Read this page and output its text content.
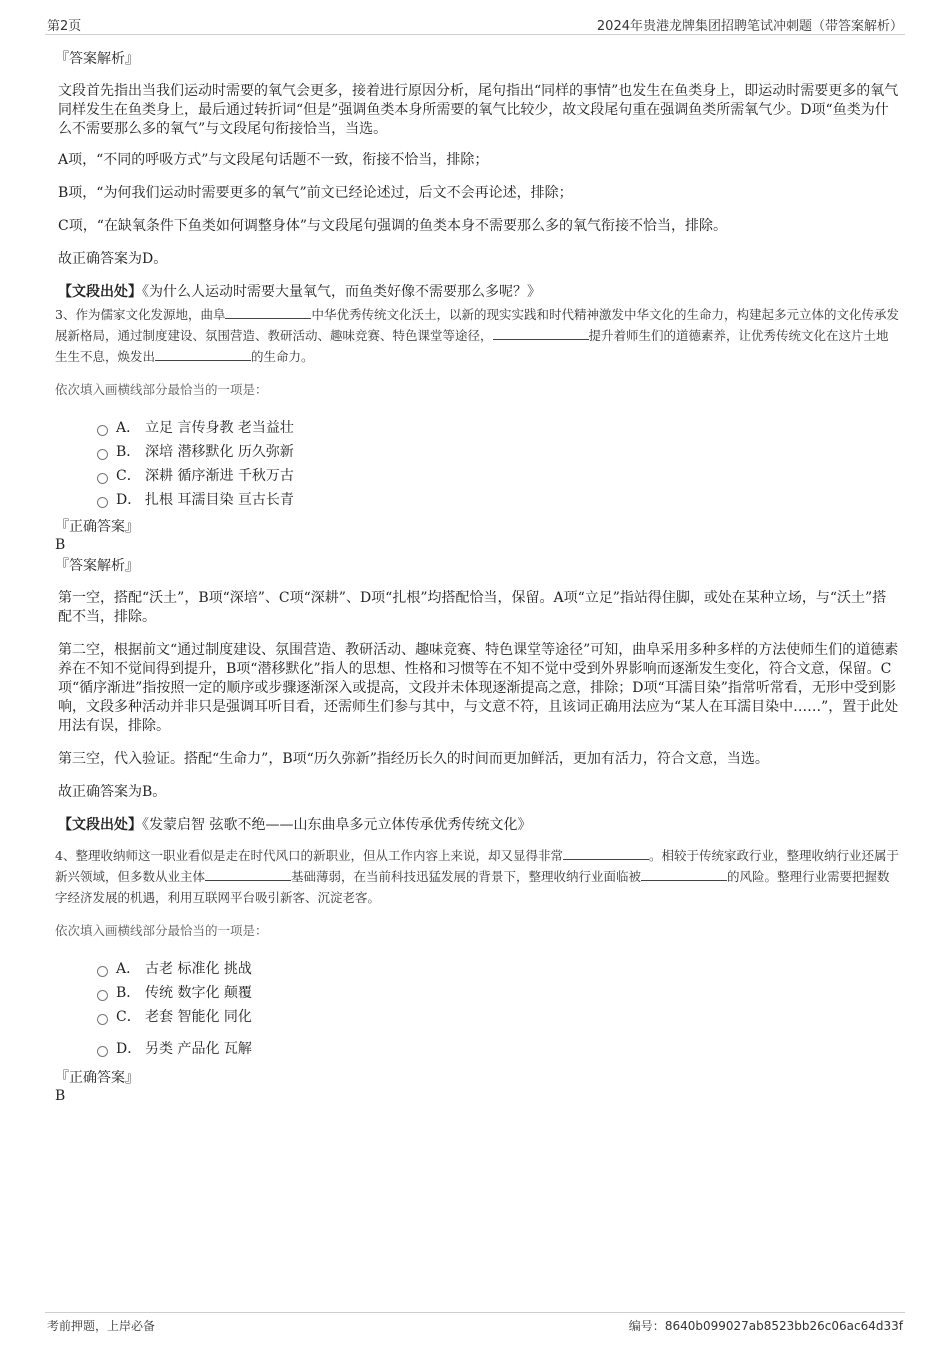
第2页	2024年贵港龙牌集团招聘笔试冲刺题（带答案解析）

『答案解析』

文段首先指出当我们运动时需要的氧气会更多，接着进行原因分析，尾句指出“同样的事情”也发生在鱼类身上，即运动时需要更多的氧气同样发生在鱼类身上，最后通过转折词“但是”强调鱼类本身所需要的氧气比较少，故文段尾句重在强调鱼类所需氧气少。D项“鱼类为什么不需要那么多的氧气”与文段尾句衔接恰当，当选。

A项，“不同的呼吸方式”与文段尾句话题不一致，衔接不恰当，排除；

B项，“为何我们运动时需要更多的氧气”前文已经论述过，后文不会再论述，排除；

C项，“在缺氧条件下鱼类如何调整身体”与文段尾句强调的鱼类本身不需要那么多的氧气衔接不恰当，排除。

故正确答案为D。

【文段出处】《为什么人运动时需要大量氧气，而鱼类好像不需要那么多呢？》

3、作为儒家文化发源地，曲阜	中华优秀传统文化沃土，以新的现实实践和时代精神激发中华文化的生命力，构建起多元立体的文化传承发展新格局，通过制度建设、氛围营造、教研活动、趣味竞赛、特色课堂等途径，	提升着师生们的道德素养，让优秀传统文化在这片土地生生不息，焕发出	的生命力。

依次填入画横线部分最恰当的一项是：

A． 立足 言传身教 老当益壮
B． 深培 潜移默化 历久弥新
C． 深耕 循序渐进 千秋万古
D． 扎根 耳濡目染 亘古长青

『正确答案』

B

『答案解析』

第一空，搭配“沃土”，B项“深培”、C项“深耕”、D项“扎根”均搭配恰当，保留。A项“立足”指站得住脚，或处在某种立场，与“沃土”搭配不当，排除。

第二空，根据前文“通过制度建设、氛围营造、教研活动、趣味竞赛、特色课堂等途径”可知，曲阜采用多种多样的方法使师生们的道德素养在不知不觉间得到提升，B项“潜移默化”指人的思想、性格和习惯等在不知不觉中受到外界影响而逐渐发生变化，符合文意，保留。C项“循序渐进”指按照一定的顺序或步骤逐渐深入或提高，文段并未体现逐渐提高之意，排除；D项“耳濡目染”指常听常看，无形中受到影响，文段多种活动并非只是强调耳听目看，还需师生们参与其中，与文意不符，且该词正确用法应为“某人在耳濡目染中……”，置于此处用法有误，排除。

第三空，代入验证。搭配“生命力”，B项“历久弥新”指经历长久的时间而更加鲜活，更加有活力，符合文意，当选。

故正确答案为B。

【文段出处】《发蒙启智 弦歌不绝——山东曲阜多元立体传承优秀传统文化》

4、整理收纳师这一职业看似是走在时代风口的新职业，但从工作内容上来说，却又显得非常	。相较于传统家政行业，整理收纳行业还属于新兴领域，但多数从业主体	基础薄弱，在当前科技迅猛发展的背景下，整理收纳行业面临被	的风险。整理行业需要把握数字经济发展的机遇，利用互联网平台吸引新客、沉淀老客。

依次填入画横线部分最恰当的一项是：

A． 古老 标准化 挑战
B． 传统 数字化 颠覆
C． 老套 智能化 同化
D． 另类 产品化 瓦解

『正确答案』

B

考前押题，上岸必备	编号：8640b099027ab8523bb26c06ac64d33f
